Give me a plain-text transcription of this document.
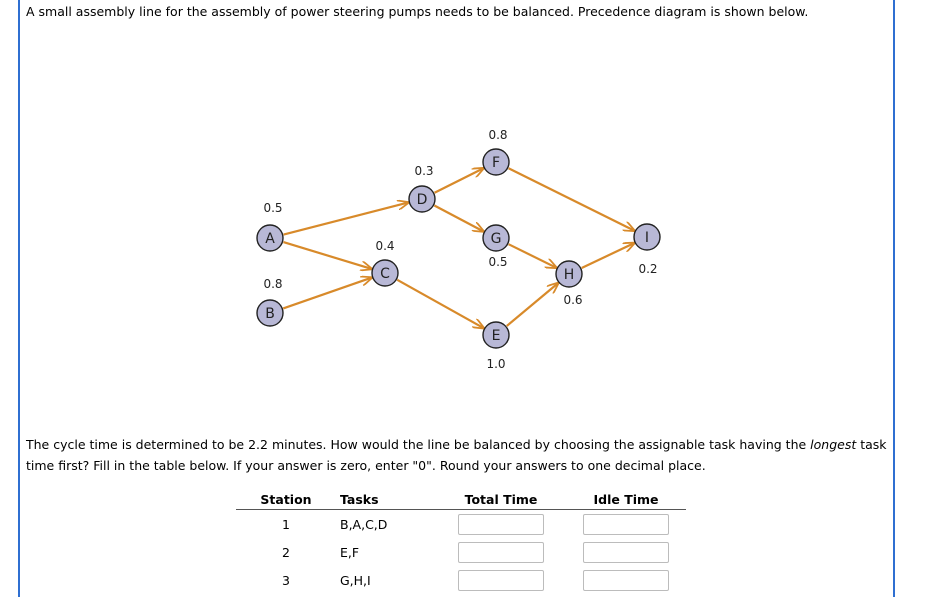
A small assembly line for the assembly of power steering pumps needs to be balanced. Precedence diagram is shown below.

A
0.5
B
0.8
C
0.4
D
0.3
E
1.0
F
0.8
G
0.5
H
0.6
I
0.2

The cycle time is determined to be 2.2 minutes. How would the line be balanced by choosing the assignable task having the longest task time first? Fill in the table below. If your answer is zero, enter "0". Round your answers to one decimal place.

Station	Tasks	Total Time	Idle Time
1	B,A,C,D		
2	E,F		
3	G,H,I		
